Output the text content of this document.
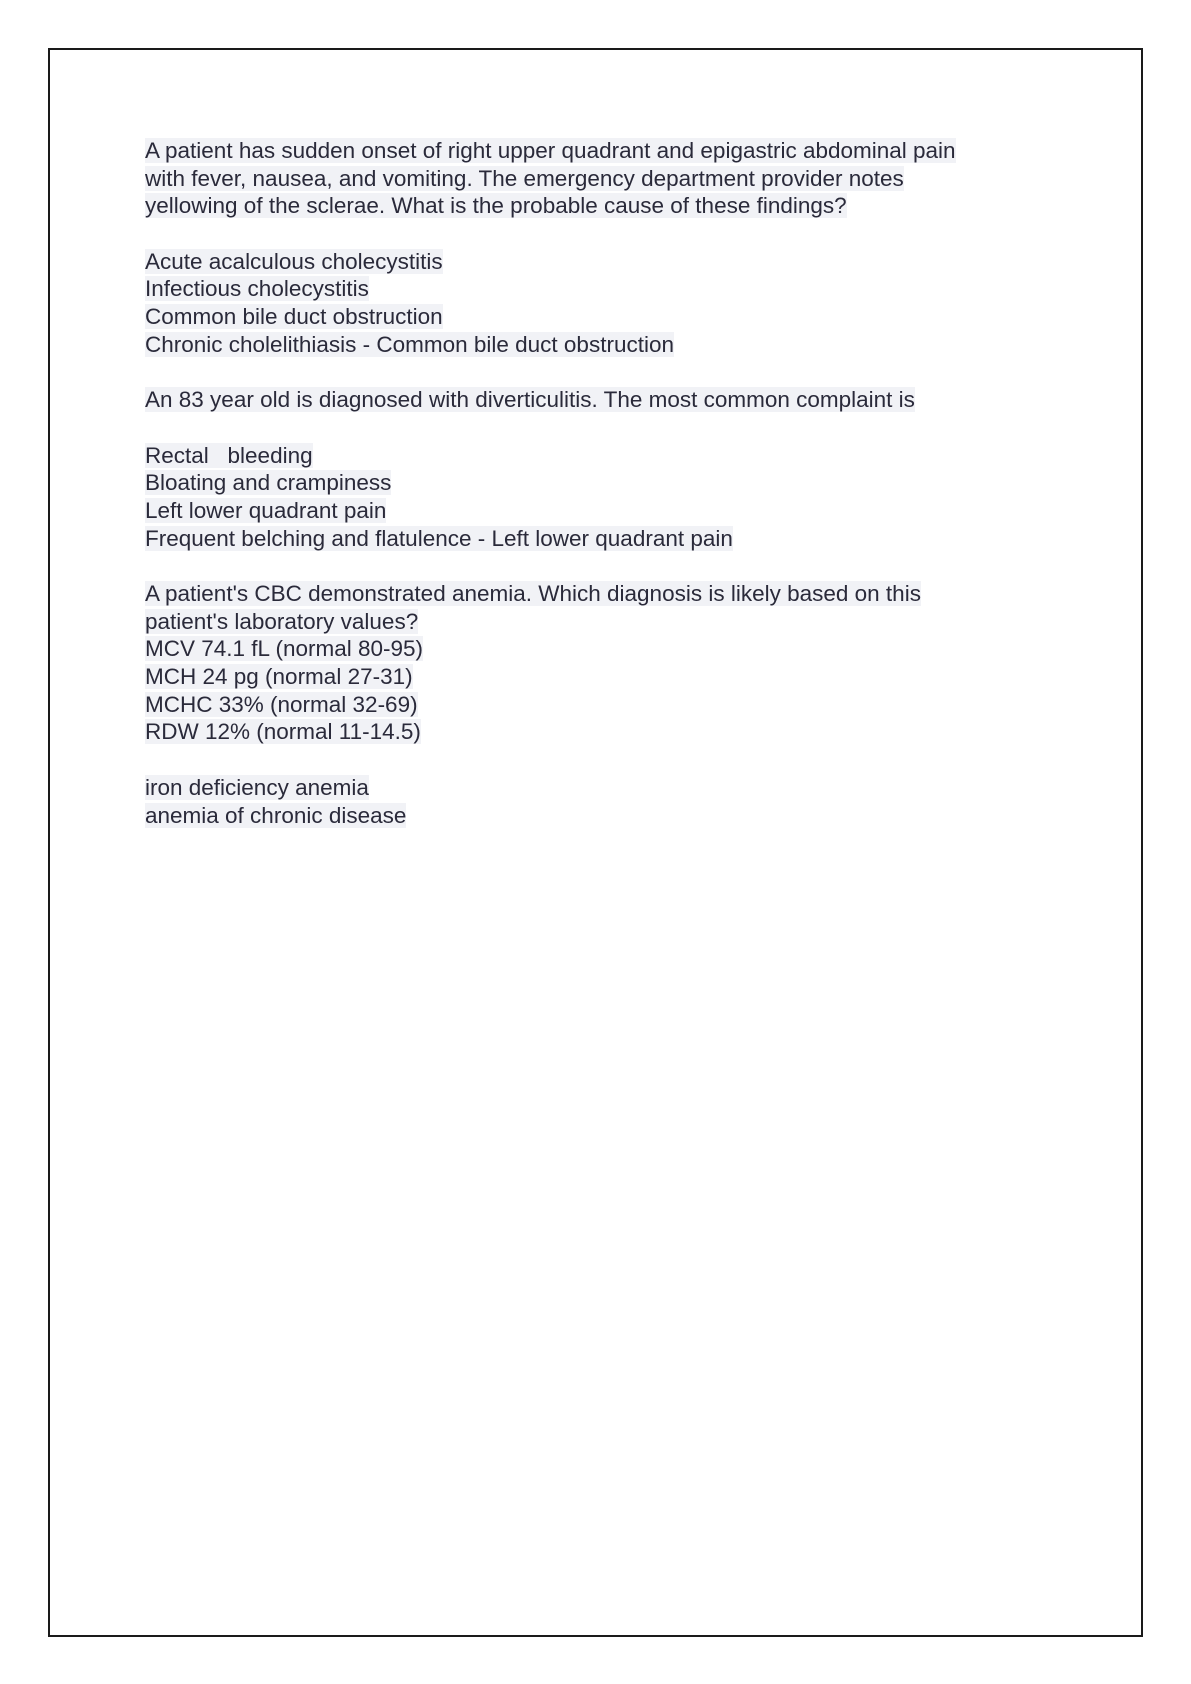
A patient has sudden onset of right upper quadrant and epigastric abdominal pain
with fever, nausea, and vomiting. The emergency department provider notes
yellowing of the sclerae. What is the probable cause of these findings?
Acute acalculous cholecystitis
Infectious cholecystitis
Common bile duct obstruction
Chronic cholelithiasis - Common bile duct obstruction
An 83 year old is diagnosed with diverticulitis. The most common complaint is
Rectal   bleeding
Bloating and crampiness
Left lower quadrant pain
Frequent belching and flatulence - Left lower quadrant pain
A patient's CBC demonstrated anemia. Which diagnosis is likely based on this
patient's laboratory values?
MCV 74.1 fL (normal 80-95)
MCH 24 pg (normal 27-31)
MCHC 33% (normal 32-69)
RDW 12% (normal 11-14.5)
iron deficiency anemia
anemia of chronic disease
